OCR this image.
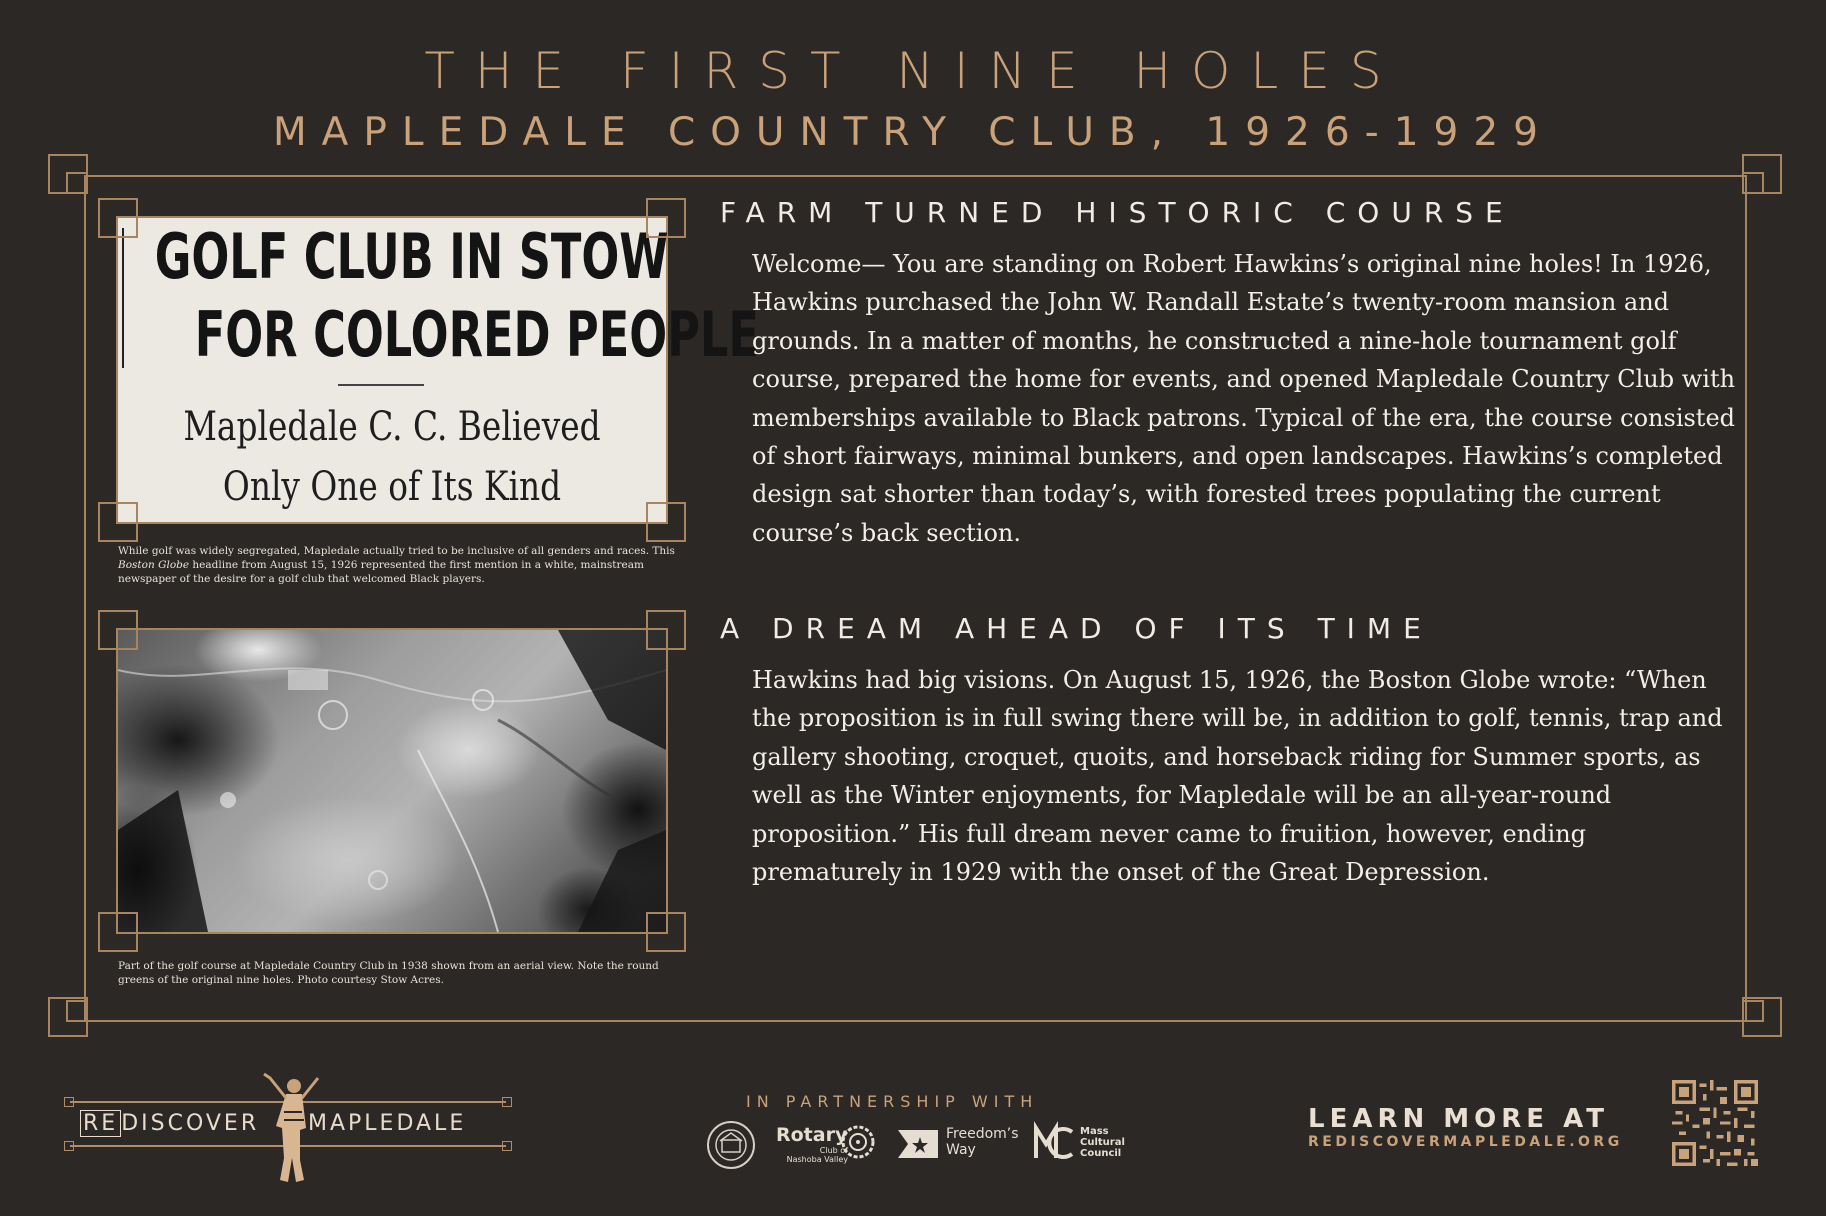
THE FIRST NINE HOLES
MAPLEDALE COUNTRY CLUB, 1926-1929
GOLF CLUB IN STOW
FOR COLORED PEOPLE
Mapledale C. C. Believed
Only One of Its Kind
While golf was widely segregated, Mapledale actually tried to be inclusive of all genders and races. This Boston Globe headline from August 15, 1926 represented the first mention in a white, mainstream newspaper of the desire for a golf club that welcomed Black players.
Part of the golf course at Mapledale Country Club in 1938 shown from an aerial view. Note the round greens of the original nine holes. Photo courtesy Stow Acres.
FARM TURNED HISTORIC COURSE
Welcome— You are standing on Robert Hawkins’s original nine holes! In 1926, Hawkins purchased the John W. Randall Estate’s twenty-room mansion and grounds. In a matter of months, he constructed a nine-hole tournament golf course, prepared the home for events, and opened Mapledale Country Club with memberships available to Black patrons. Typical of the era, the course consisted of short fairways, minimal bunkers, and open landscapes. Hawkins’s completed design sat shorter than today’s, with forested trees populating the current course’s back section.
A DREAM AHEAD OF ITS TIME
Hawkins had big visions. On August 15, 1926, the Boston Globe wrote: “When the proposition is in full swing there will be, in addition to golf, tennis, trap and gallery shooting, croquet, quoits, and horseback riding for Summer sports, as well as the Winter enjoyments, for Mapledale will be an all-year-round proposition.” His full dream never came to fruition, however, ending prematurely in 1929 with the onset of the Great Depression.
RE DISCOVER MAPLEDALE
IN PARTNERSHIP WITH
Rotary
Club of
Nashoba Valley
Freedom’s
Way
Mass
Cultural
Council
LEARN MORE AT
REDISCOVERMAPLEDALE.ORG
